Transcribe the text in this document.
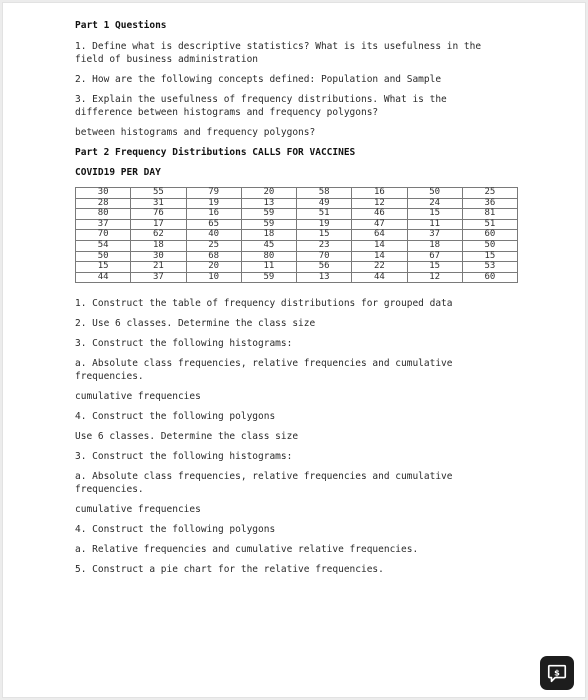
Part 1 Questions

1. Define what is descriptive statistics? What is its usefulness in the field of business administration

2. How are the following concepts defined: Population and Sample

3. Explain the usefulness of frequency distributions. What is the difference between histograms and frequency polygons?

between histograms and frequency polygons?

Part 2 Frequency Distributions CALLS FOR VACCINES

COVID19 PER DAY

30	55	79	20	58	16	50	25
28	31	19	13	49	12	24	36
80	76	16	59	51	46	15	81
37	17	65	59	19	47	11	51
70	62	40	18	15	64	37	60
54	18	25	45	23	14	18	50
50	30	68	80	70	14	67	15
15	21	20	11	56	22	15	53
44	37	10	59	13	44	12	60

1. Construct the table of frequency distributions for grouped data

2. Use 6 classes. Determine the class size

3. Construct the following histograms:

a. Absolute class frequencies, relative frequencies and cumulative frequencies.

cumulative frequencies

4. Construct the following polygons

Use 6 classes. Determine the class size

3. Construct the following histograms:

a. Absolute class frequencies, relative frequencies and cumulative frequencies.

cumulative frequencies

4. Construct the following polygons

a. Relative frequencies and cumulative relative frequencies.

5. Construct a pie chart for the relative frequencies.

$
